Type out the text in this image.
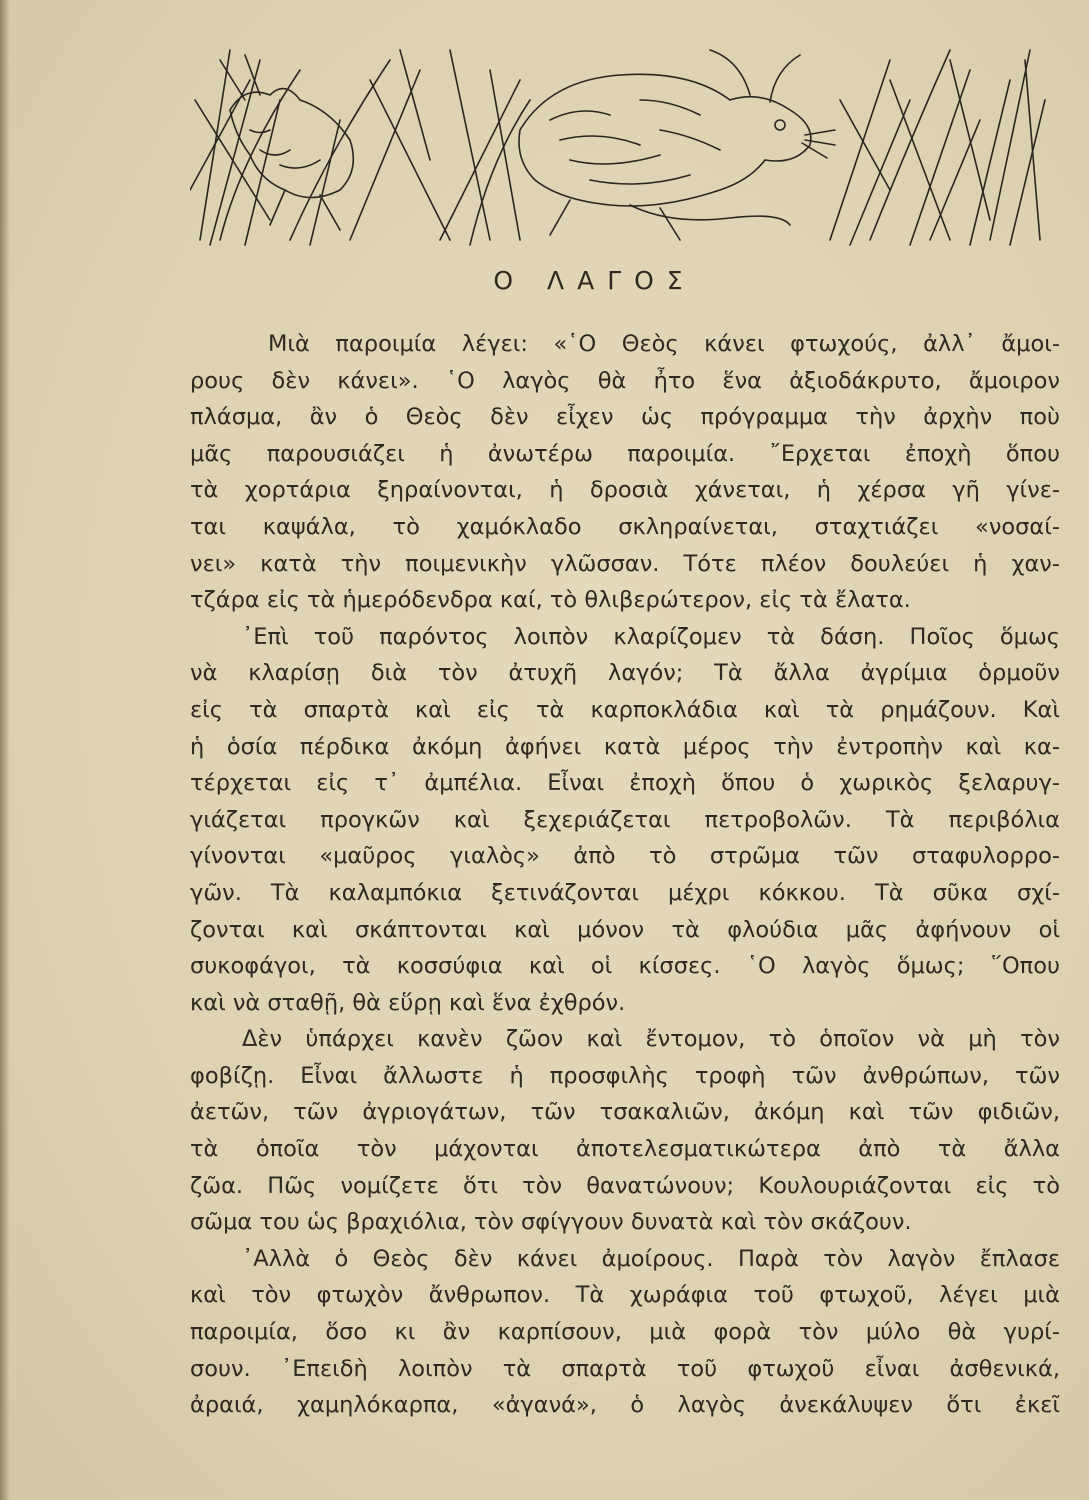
Ο ΛΑΓΟΣ
Μιὰ παροιμία λέγει: «῾Ο Θεὸς κάνει φτωχούς, ἀλλ᾽ ἄμοι-
ρους δὲν κάνει». ῾Ο λαγὸς θὰ ἦτο ἕνα ἀξιοδάκρυτο, ἄμοιρον
πλάσμα, ἂν ὁ Θεὸς δὲν εἶχεν ὡς πρόγραμμα τὴν ἀρχὴν ποὺ
μᾶς παρουσιάζει ἡ ἀνωτέρω παροιμία. ῎Ερχεται ἐποχὴ ὅπου
τὰ χορτάρια ξηραίνονται, ἡ δροσιὰ χάνεται, ἡ χέρσα γῆ γίνε-
ται καψάλα, τὸ χαμόκλαδο σκληραίνεται, σταχτιάζει «νοσαί-
νει» κατὰ τὴν ποιμενικὴν γλῶσσαν. Τότε πλέον δουλεύει ἡ χαν-
τζάρα εἰς τὰ ἡμερόδενδρα καί, τὸ θλιβερώτερον, εἰς τὰ ἔλατα.
᾽Επὶ τοῦ παρόντος λοιπὸν κλαρίζομεν τὰ δάση. Ποῖος ὅμως
νὰ κλαρίσῃ διὰ τὸν ἀτυχῆ λαγόν; Τὰ ἄλλα ἀγρίμια ὁρμοῦν
εἰς τὰ σπαρτὰ καὶ εἰς τὰ καρποκλάδια καὶ τὰ ρημάζουν. Καὶ
ἡ ὁσία πέρδικα ἀκόμη ἀφήνει κατὰ μέρος τὴν ἐντροπὴν καὶ κα-
τέρχεται εἰς τ᾽ ἀμπέλια. Εἶναι ἐποχὴ ὅπου ὁ χωρικὸς ξελαρυγ-
γιάζεται προγκῶν καὶ ξεχεριάζεται πετροβολῶν. Τὰ περιβόλια
γίνονται «μαῦρος γιαλὸς» ἀπὸ τὸ στρῶμα τῶν σταφυλορρο-
γῶν. Τὰ καλαμπόκια ξετινάζονται μέχρι κόκκου. Τὰ σῦκα σχί-
ζονται καὶ σκάπτονται καὶ μόνον τὰ φλούδια μᾶς ἀφήνουν οἱ
συκοφάγοι, τὰ κοσσύφια καὶ οἱ κίσσες. ῾Ο λαγὸς ὅμως; ῞Οπου
καὶ νὰ σταθῇ, θὰ εὕρῃ καὶ ἕνα ἐχθρόν.
Δὲν ὑπάρχει κανὲν ζῶον καὶ ἔντομον, τὸ ὁποῖον νὰ μὴ τὸν
φοβίζῃ. Εἶναι ἄλλωστε ἡ προσφιλὴς τροφὴ τῶν ἀνθρώπων, τῶν
ἀετῶν, τῶν ἀγριογάτων, τῶν τσακαλιῶν, ἀκόμη καὶ τῶν φιδιῶν,
τὰ ὁποῖα τὸν μάχονται ἀποτελεσματικώτερα ἀπὸ τὰ ἄλλα
ζῶα. Πῶς νομίζετε ὅτι τὸν θανατώνουν; Κουλουριάζονται εἰς τὸ
σῶμα του ὡς βραχιόλια, τὸν σφίγγουν δυνατὰ καὶ τὸν σκάζουν.
᾽Αλλὰ ὁ Θεὸς δὲν κάνει ἀμοίρους. Παρὰ τὸν λαγὸν ἔπλασε
καὶ τὸν φτωχὸν ἄνθρωπον. Τὰ χωράφια τοῦ φτωχοῦ, λέγει μιὰ
παροιμία, ὅσο κι ἂν καρπίσουν, μιὰ φορὰ τὸν μύλο θὰ γυρί-
σουν. ᾽Επειδὴ λοιπὸν τὰ σπαρτὰ τοῦ φτωχοῦ εἶναι ἀσθενικά,
ἀραιά, χαμηλόκαρπα, «ἀγανά», ὁ λαγὸς ἀνεκάλυψεν ὅτι ἐκεῖ
